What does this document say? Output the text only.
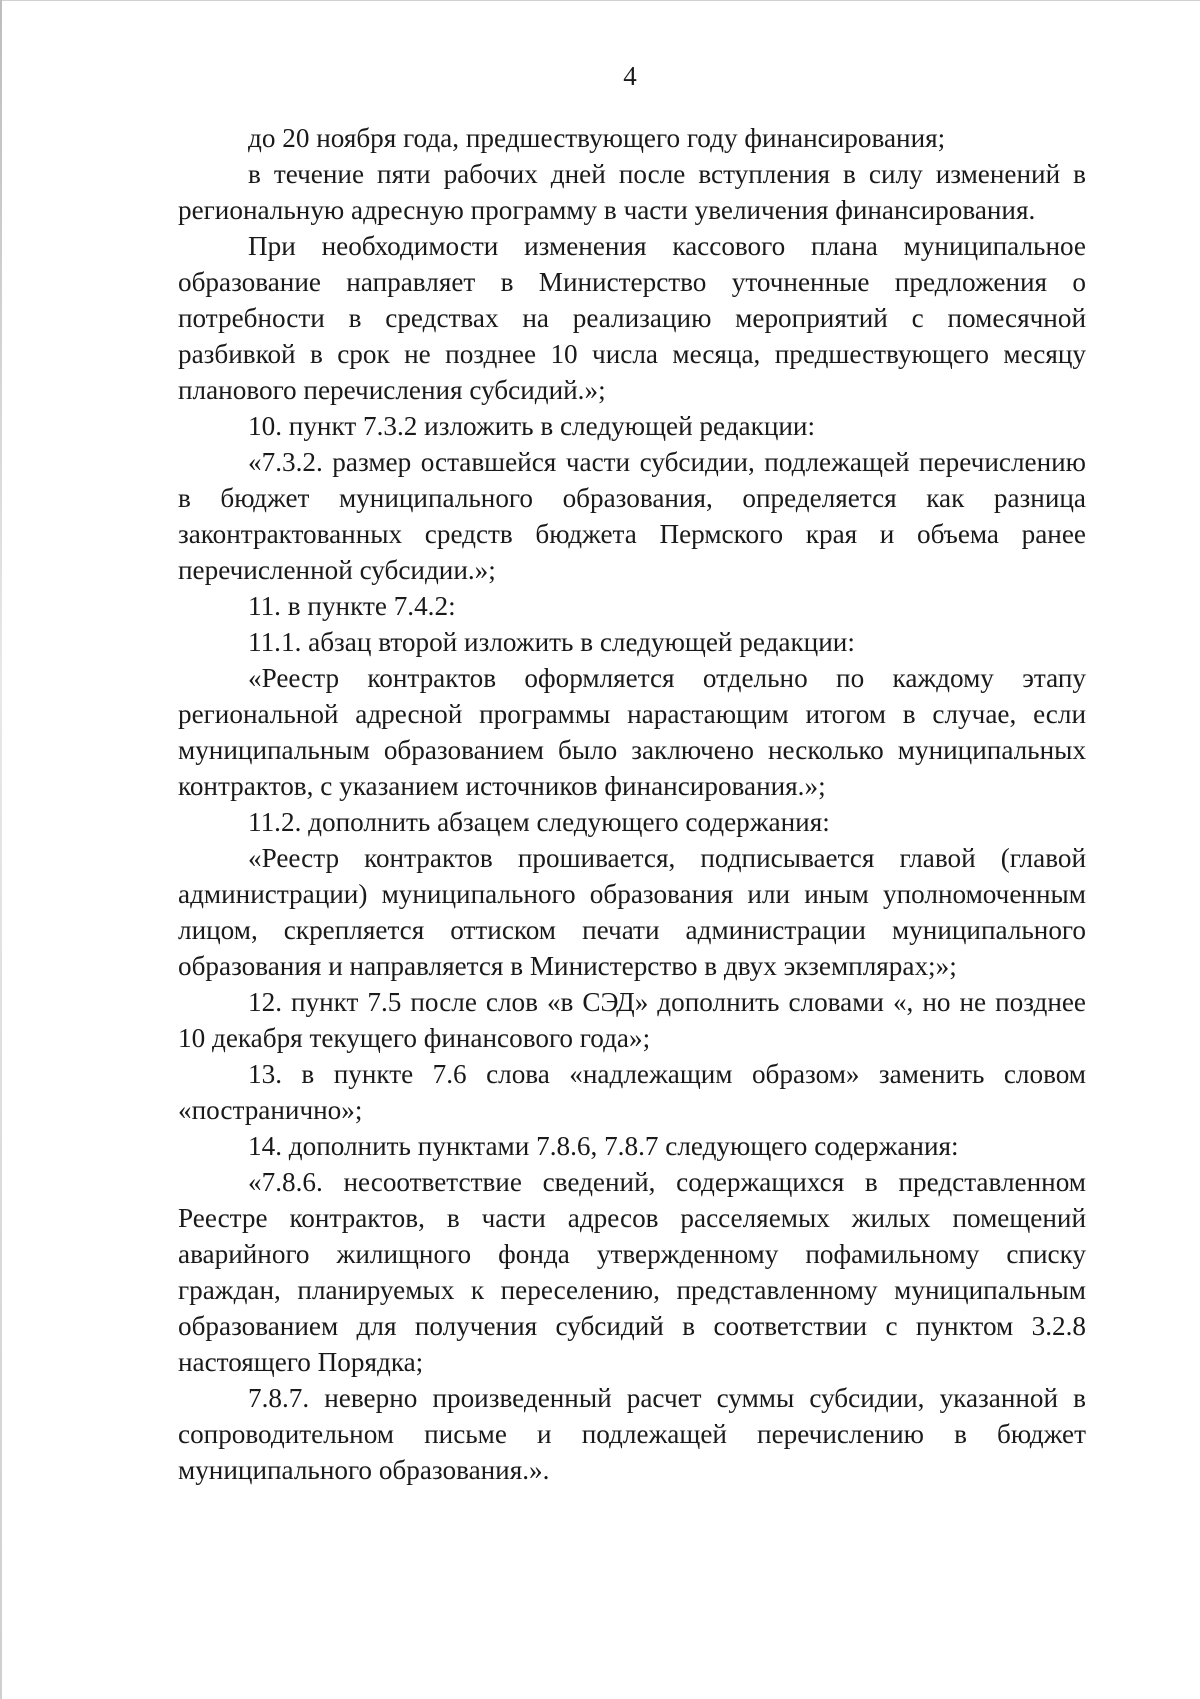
4

до 20 ноября года, предшествующего году финансирования;

в течение пяти рабочих дней после вступления в силу изменений в региональную адресную программу в части увеличения финансирования.

При необходимости изменения кассового плана муниципальное образование направляет в Министерство уточненные предложения о потребности в средствах на реализацию мероприятий с помесячной разбивкой в срок не позднее 10 числа месяца, предшествующего месяцу планового перечисления субсидий.»;

10. пункт 7.3.2 изложить в следующей редакции:

«7.3.2. размер оставшейся части субсидии, подлежащей перечислению в бюджет муниципального образования, определяется как разница законтрактованных средств бюджета Пермского края и объема ранее перечисленной субсидии.»;

11. в пункте 7.4.2:

11.1. абзац второй изложить в следующей редакции:

«Реестр контрактов оформляется отдельно по каждому этапу региональной адресной программы нарастающим итогом в случае, если муниципальным образованием было заключено несколько муниципальных контрактов, с указанием источников финансирования.»;

11.2. дополнить абзацем следующего содержания:

«Реестр контрактов прошивается, подписывается главой (главой администрации) муниципального образования или иным уполномоченным лицом, скрепляется оттиском печати администрации муниципального образования и направляется в Министерство в двух экземплярах;»;

12. пункт 7.5 после слов «в СЭД» дополнить словами «, но не позднее 10 декабря текущего финансового года»;

13. в пункте 7.6 слова «надлежащим образом» заменить словом «постранично»;

14. дополнить пунктами 7.8.6, 7.8.7 следующего содержания:

«7.8.6. несоответствие сведений, содержащихся в представленном Реестре контрактов, в части адресов расселяемых жилых помещений аварийного жилищного фонда утвержденному пофамильному списку граждан, планируемых к переселению, представленному муниципальным образованием для получения субсидий в соответствии с пунктом 3.2.8 настоящего Порядка;

7.8.7. неверно произведенный расчет суммы субсидии, указанной в сопроводительном письме и подлежащей перечислению в бюджет муниципального образования.».
